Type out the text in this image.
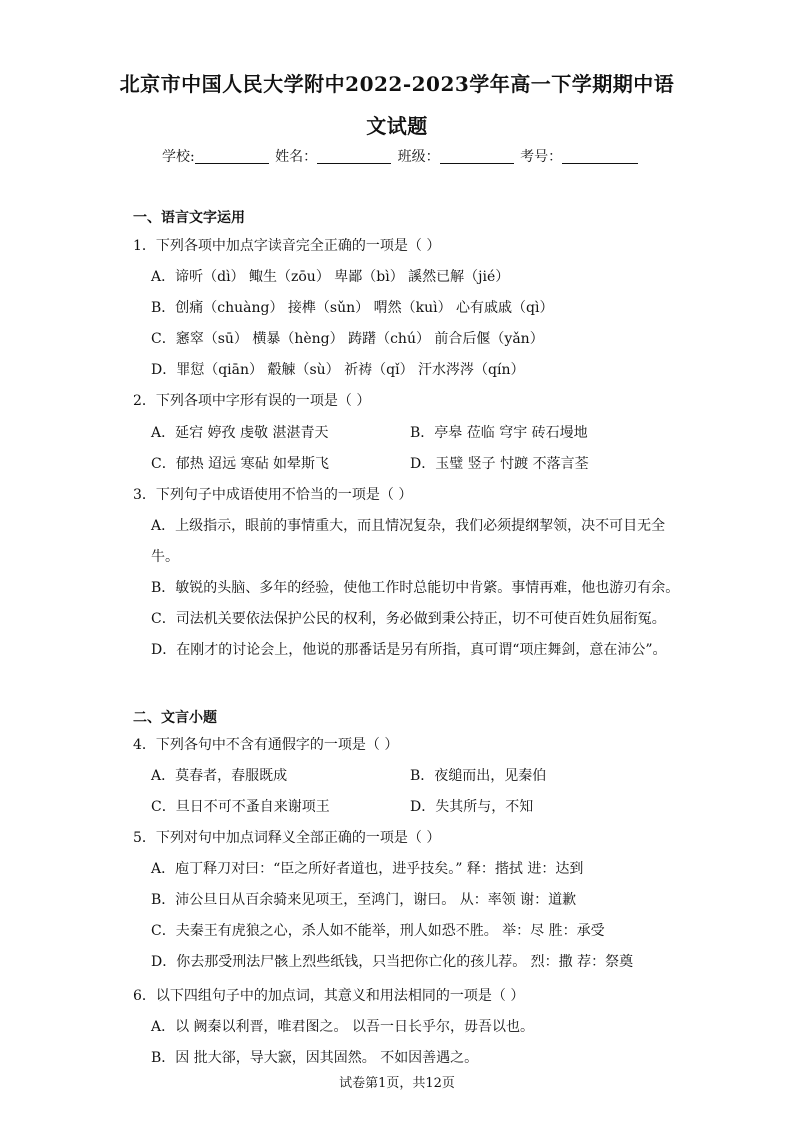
北京市中国人民大学附中2022-2023学年高一下学期期中语
文试题
学校:	姓名：	班级：	考号：
一、语言文字运用
1．下列各项中加点字读音完全正确的一项是（ ）
A．谛听（dì） 鲰生（zōu） 卑鄙（bì） 謑然已解（jié）
B．创痛（chuàng） 接榫（sǔn） 喟然（kuì） 心有戚戚（qì）
C．窸窣（sū） 横暴（hèng） 踌躇（chú） 前合后偃（yǎn）
D．罪愆（qiān） 觳觫（sù） 祈祷（qǐ） 汗水涔涔（qín）
2．下列各项中字形有误的一项是（ ）
A．延宕 婷孜 虔敬 湛湛青天	B．亭皋 莅临 穹宇 砖石墁地
C．郁热 迢远 寒砧 如晕斯飞	D．玉璧 竖子 忖踱 不落言荃
3．下列句子中成语使用不恰当的一项是（ ）
A．上级指示，眼前的事情重大，而且情况复杂，我们必须提纲挈领，决不可目无全
牛。
B．敏锐的头脑、多年的经验，使他工作时总能切中肯綮。事情再难，他也游刃有余。
C．司法机关要依法保护公民的权利，务必做到秉公持正，切不可使百姓负屈衔冤。
D．在刚才的讨论会上，他说的那番话是另有所指，真可谓“项庄舞剑，意在沛公”。
二、文言小题
4．下列各句中不含有通假字的一项是（ ）
A．莫春者，春服既成	B．夜缒而出，见秦伯
C．旦日不可不蚤自来谢项王	D．失其所与，不知
5．下列对句中加点词释义全部正确的一项是（ ）
A．庖丁释刀对曰：“臣之所好者道也，进乎技矣。” 释：揩拭 进：达到
B．沛公旦日从百余骑来见项王，至鸿门，谢曰。 从：率领 谢：道歉
C．夫秦王有虎狼之心，杀人如不能举，刑人如恐不胜。 举：尽 胜：承受
D．你去那受刑法尸骸上烈些纸钱，只当把你亡化的孩儿荐。 烈：撒 荐：祭奠
6．以下四组句子中的加点词，其意义和用法相同的一项是（ ）
A．以 阙秦以利晋，唯君图之。 以吾一日长乎尔，毋吾以也。
B．因 批大郤，导大窾，因其固然。 不如因善遇之。
试卷第1页，共12页
